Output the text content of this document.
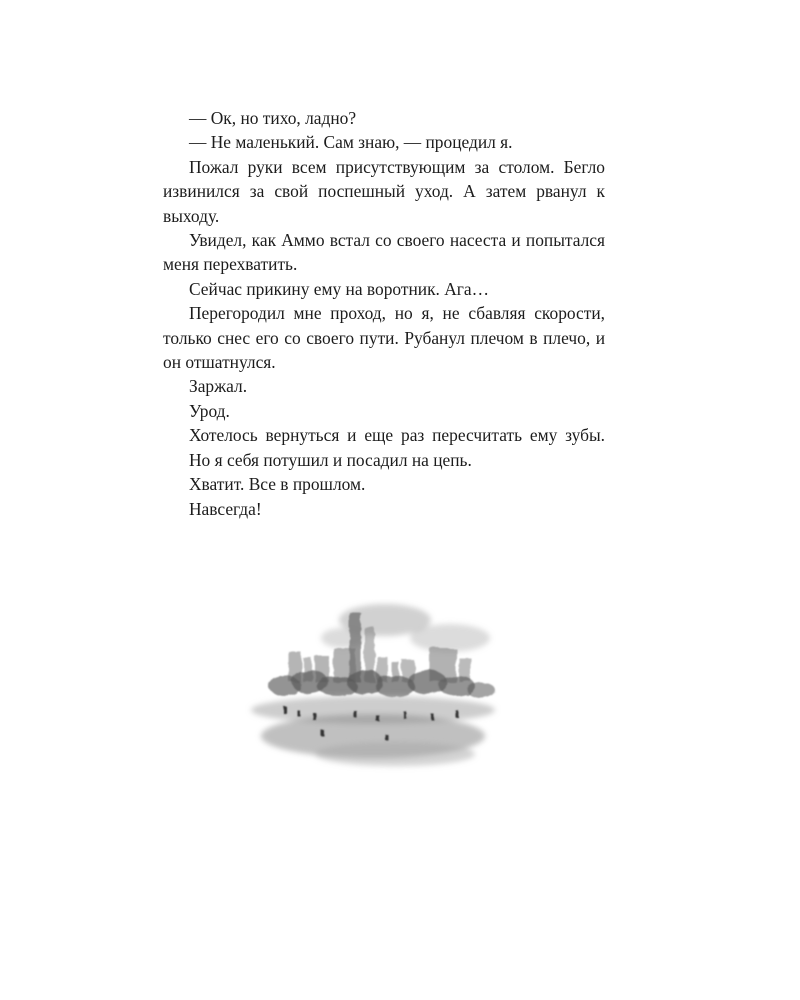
— Ок, но тихо, ладно?

— Не маленький. Сам знаю, — процедил я.

Пожал руки всем присутствующим за столом. Бегло извинился за свой поспешный уход. А затем рванул к выходу.

Увидел, как Аммо встал со своего насеста и попытался меня перехватить.

Сейчас прикину ему на воротник. Ага…

Перегородил мне проход, но я, не сбавляя скорости, только снес его со своего пути. Рубанул плечом в плечо, и он отшатнулся.

Заржал.

Урод.

Хотелось вернуться и еще раз пересчитать ему зубы.

Но я себя потушил и посадил на цепь.

Хватит. Все в прошлом.

Навсегда!
